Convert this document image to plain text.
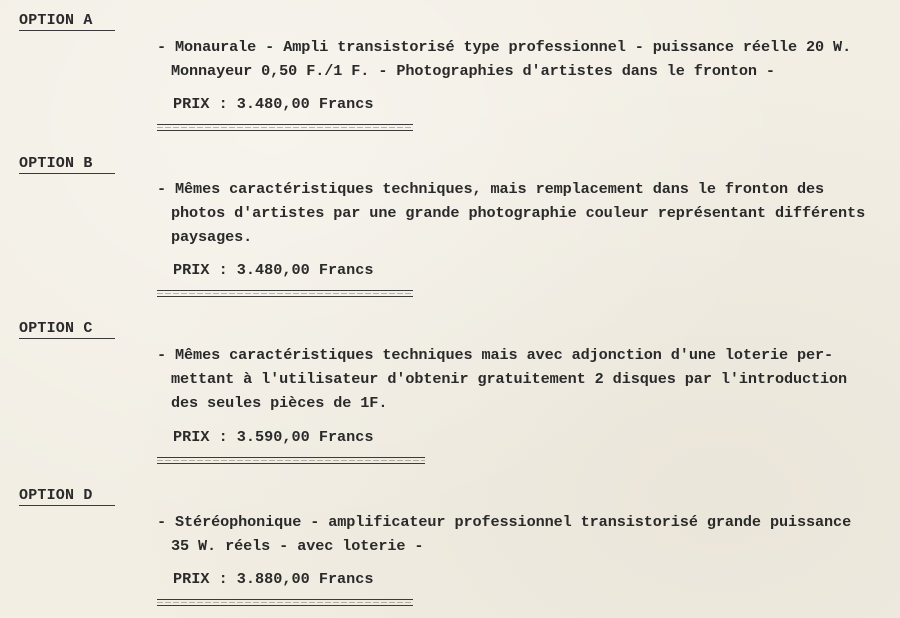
OPTION A
- Monaurale - Ampli transistorisé type professionnel - puissance réelle 20 W.
Monnayeur 0,50 F./1 F. - Photographies d'artistes dans le fronton -
PRIX : 3.480,00 Francs
OPTION B
- Mêmes caractéristiques techniques, mais remplacement dans le fronton des
photos d'artistes par une grande photographie couleur représentant différents
paysages.
PRIX : 3.480,00 Francs
OPTION C
- Mêmes caractéristiques techniques mais avec adjonction d'une loterie per-
mettant à l'utilisateur d'obtenir gratuitement 2 disques par l'introduction
des seules pièces de 1F.
PRIX : 3.590,00 Francs
OPTION D
- Stéréophonique - amplificateur professionnel transistorisé grande puissance
35 W. réels - avec loterie -
PRIX : 3.880,00 Francs
